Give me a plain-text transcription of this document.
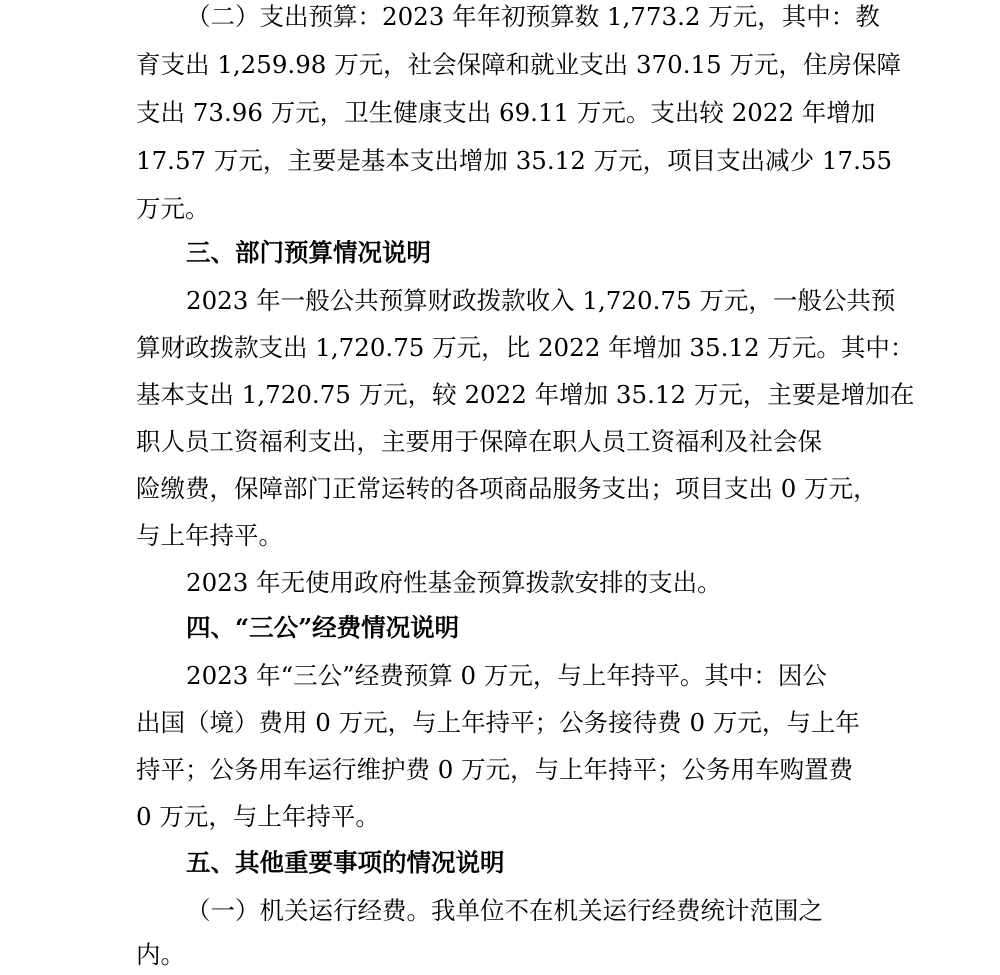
（二）支出预算：2023 年年初预算数 1,773.2 万元，其中：教
育支出 1,259.98 万元，社会保障和就业支出 370.15 万元，住房保障
支出 73.96 万元，卫生健康支出 69.11 万元。支出较 2022 年增加
17.57 万元，主要是基本支出增加 35.12 万元，项目支出减少 17.55
万元。
三、部门预算情况说明
2023 年一般公共预算财政拨款收入 1,720.75 万元，一般公共预
算财政拨款支出 1,720.75 万元，比 2022 年增加 35.12 万元。其中：
基本支出 1,720.75 万元，较 2022 年增加 35.12 万元，主要是增加在
职人员工资福利支出，主要用于保障在职人员工资福利及社会保
险缴费，保障部门正常运转的各项商品服务支出；项目支出 0 万元，
与上年持平。
2023 年无使用政府性基金预算拨款安排的支出。
四、“三公”经费情况说明
2023 年“三公”经费预算 0 万元，与上年持平。其中：因公
出国（境）费用 0 万元，与上年持平；公务接待费 0 万元，与上年
持平；公务用车运行维护费 0 万元，与上年持平；公务用车购置费
0 万元，与上年持平。
五、其他重要事项的情况说明
（一）机关运行经费。我单位不在机关运行经费统计范围之
内。
